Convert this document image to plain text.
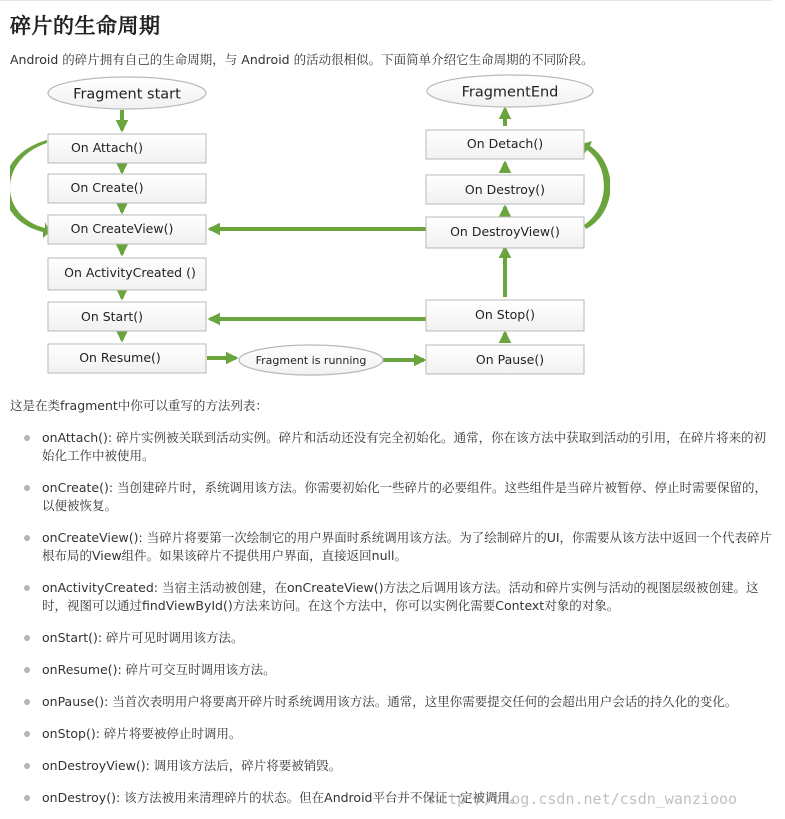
碎片的生命周期

Android 的碎片拥有自己的生命周期，与 Android 的活动很相似。下面简单介绍它生命周期的不同阶段。

Fragment start	FragmentEnd
Fragment is running
On Attach()
On Create()
On CreateView()
On ActivityCreated ()
On Start()
On Resume()
On Detach()
On Destroy()
On DestroyView()
On Stop()
On Pause()

这是在类fragment中你可以重写的方法列表：

onAttach(): 碎片实例被关联到活动实例。碎片和活动还没有完全初始化。通常，你在该方法中获取到活动的引用，在碎片将来的初始化工作中被使用。
onCreate(): 当创建碎片时，系统调用该方法。你需要初始化一些碎片的必要组件。这些组件是当碎片被暂停、停止时需要保留的，以便被恢复。
onCreateView(): 当碎片将要第一次绘制它的用户界面时系统调用该方法。为了绘制碎片的UI，你需要从该方法中返回一个代表碎片根布局的View组件。如果该碎片不提供用户界面，直接返回null。
onActivityCreated: 当宿主活动被创建，在onCreateView()方法之后调用该方法。活动和碎片实例与活动的视图层级被创建。这时，视图可以通过findViewById()方法来访问。在这个方法中，你可以实例化需要Context对象的对象。
onStart(): 碎片可见时调用该方法。
onResume(): 碎片可交互时调用该方法。
onPause(): 当首次表明用户将要离开碎片时系统调用该方法。通常，这里你需要提交任何的会超出用户会话的持久化的变化。
onStop(): 碎片将要被停止时调用。
onDestroyView(): 调用该方法后，碎片将要被销毁。
onDestroy(): 该方法被用来清理碎片的状态。但在Android平台并不保证一定被调用。
http://blog.csdn.net/csdn_wanziooo
